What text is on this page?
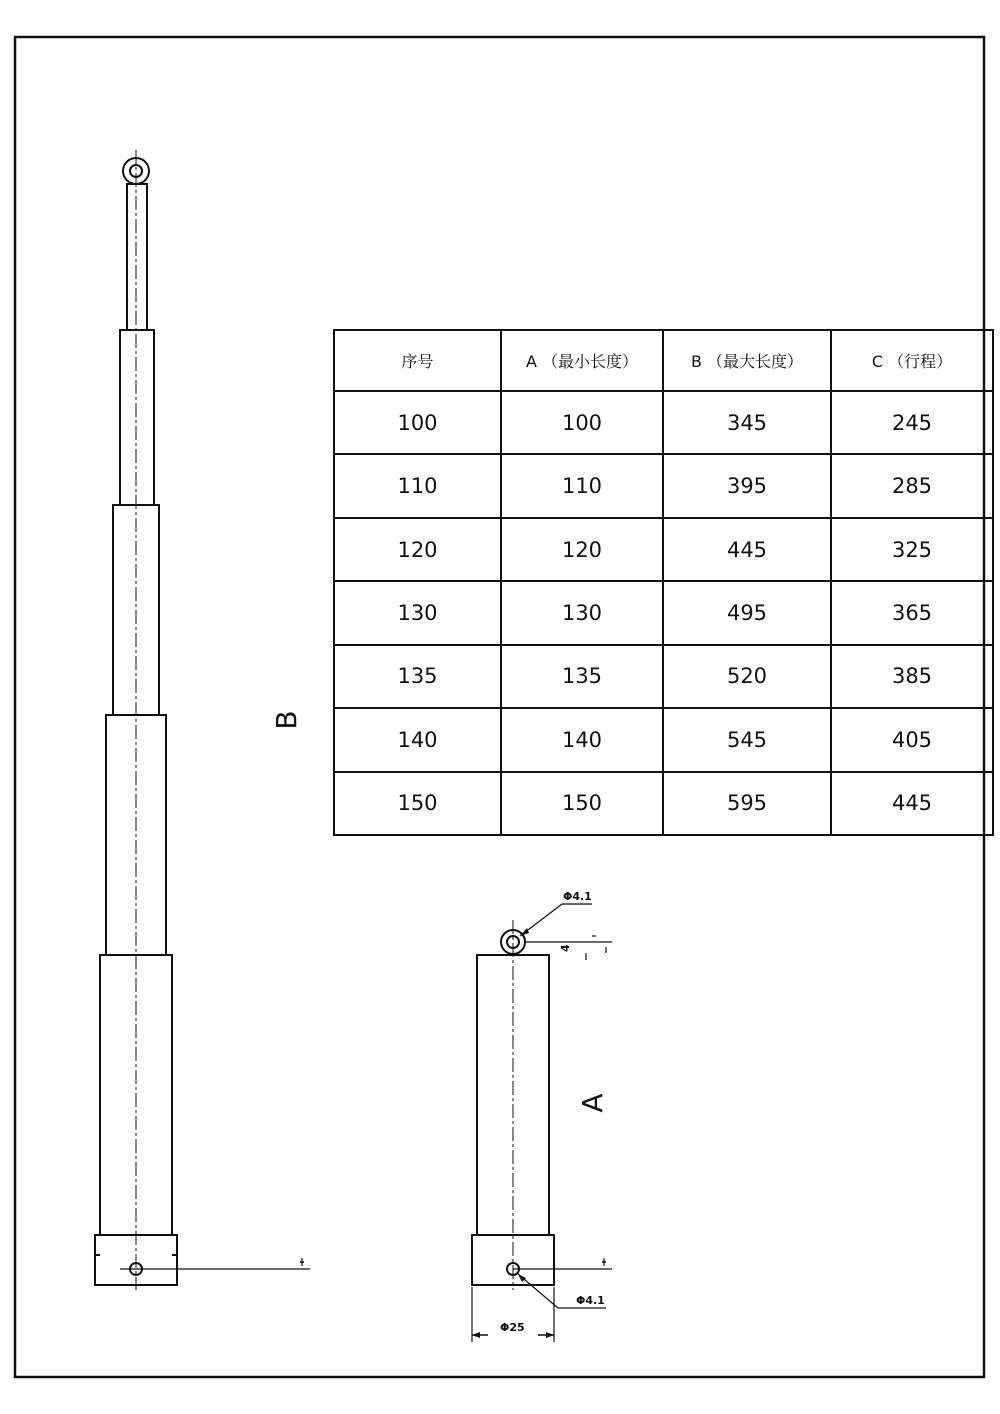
B
4
Φ4.1
Φ4.1
Φ25
A
序号	A （最小长度）	B （最大长度）	C （行程）
100	100	345	245
110	110	395	285
120	120	445	325
130	130	495	365
135	135	520	385
140	140	545	405
150	150	595	445
